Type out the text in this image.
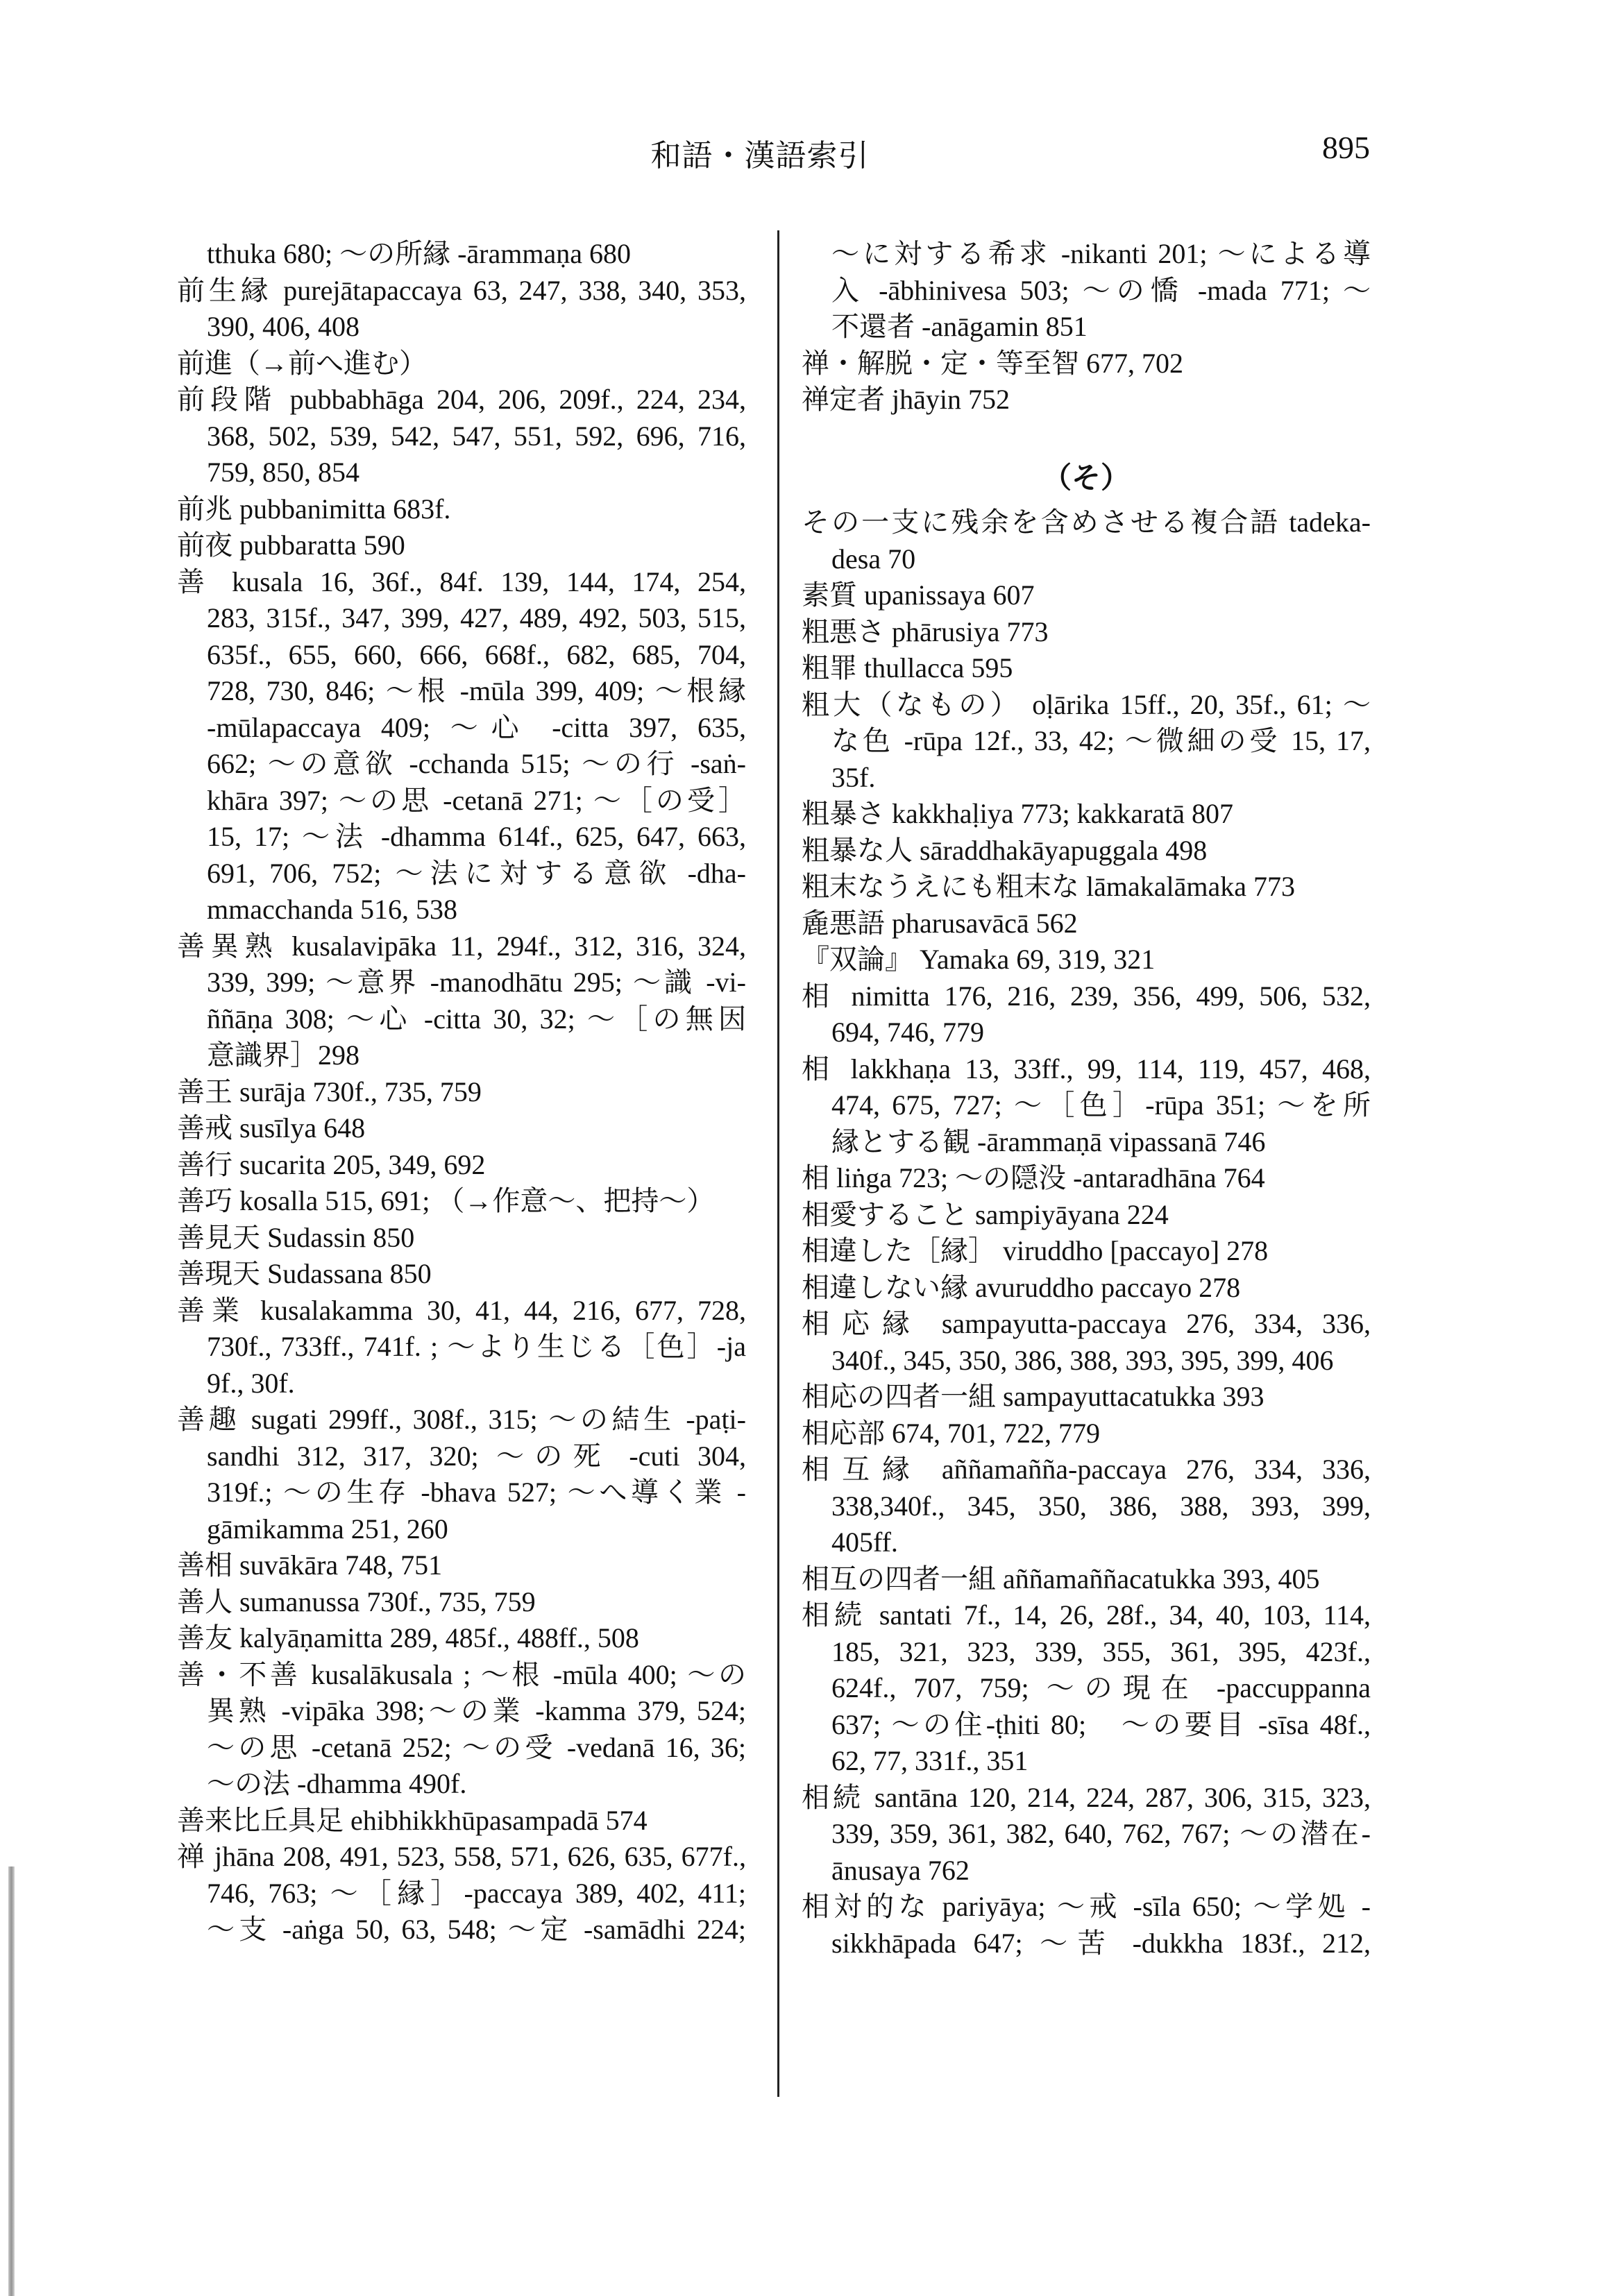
和語・漢語索引	895
tthuka 680; ～の所縁 -ārammaṇa 680
前生縁 purejātapaccaya 63, 247, 338, 340, 353,
390, 406, 408
前進（→前へ進む）
前段階 pubbabhāga 204, 206, 209f., 224, 234,
368, 502, 539, 542, 547, 551, 592, 696, 716,
759, 850, 854
前兆 pubbanimitta 683f.
前夜 pubbaratta 590
善 kusala 16, 36f., 84f. 139, 144, 174, 254,
283, 315f., 347, 399, 427, 489, 492, 503, 515,
635f., 655, 660, 666, 668f., 682, 685, 704,
728, 730, 846; ～根 -mūla 399, 409; ～根縁
-mūlapaccaya 409; ～心 -citta 397, 635,
662; ～の意欲 -cchanda 515; ～の行 -saṅ-
khāra 397; ～の思 -cetanā 271; ～［の受］
15, 17; ～法 -dhamma 614f., 625, 647, 663,
691, 706, 752; ～法に対する意欲 -dha-
mmacchanda 516, 538
善異熟 kusalavipāka 11, 294f., 312, 316, 324,
339, 399; ～意界 -manodhātu 295; ～識 -vi-
ññāṇa 308; ～心 -citta 30, 32; ～［の無因
意識界］298
善王 surāja 730f., 735, 759
善戒 susīlya 648
善行 sucarita 205, 349, 692
善巧 kosalla 515, 691; （→作意～、把持～）
善見天 Sudassin 850
善現天 Sudassana 850
善業 kusalakamma 30, 41, 44, 216, 677, 728,
730f., 733ff., 741f. ; ～より生じる［色］-ja
9f., 30f.
善趣 sugati 299ff., 308f., 315; ～の結生 -paṭi-
sandhi 312, 317, 320; ～の死 -cuti 304,
319f.; ～の生存 -bhava 527; ～へ導く業 -
gāmikamma 251, 260
善相 suvākāra 748, 751
善人 sumanussa 730f., 735, 759
善友 kalyāṇamitta 289, 485f., 488ff., 508
善・不善 kusalākusala ; ～根 -mūla 400; ～の
異熟 -vipāka 398;～の業 -kamma 379, 524;
～の思 -cetanā 252; ～の受 -vedanā 16, 36;
～の法 -dhamma 490f.
善来比丘具足 ehibhikkhūpasampadā 574
禅 jhāna 208, 491, 523, 558, 571, 626, 635, 677f.,
746, 763; ～［縁］-paccaya 389, 402, 411;
～支 -aṅga 50, 63, 548; ～定 -samādhi 224;
～に対する希求 -nikanti 201; ～による導
入 -ābhinivesa 503; ～の憍 -mada 771; ～
不還者 -anāgamin 851
禅・解脱・定・等至智 677, 702
禅定者 jhāyin 752
（そ）
その一支に残余を含めさせる複合語 tadeka-
desa 70
素質 upanissaya 607
粗悪さ phārusiya 773
粗罪 thullacca 595
粗大（なもの） oḷārika 15ff., 20, 35f., 61; ～
な色 -rūpa 12f., 33, 42; ～微細の受 15, 17,
35f.
粗暴さ kakkhaḷiya 773; kakkaratā 807
粗暴な人 sāraddhakāyapuggala 498
粗末なうえにも粗末な lāmakalāmaka 773
麁悪語 pharusavācā 562
『双論』 Yamaka 69, 319, 321
相 nimitta 176, 216, 239, 356, 499, 506, 532,
694, 746, 779
相 lakkhaṇa 13, 33ff., 99, 114, 119, 457, 468,
474, 675, 727; ～［色］-rūpa 351; ～を所
縁とする観 -ārammaṇā vipassanā 746
相 liṅga 723; ～の隠没 -antaradhāna 764
相愛すること sampiyāyana 224
相違した［縁］ viruddho [paccayo] 278
相違しない縁 avuruddho paccayo 278
相応縁 sampayutta-paccaya 276, 334, 336,
340f., 345, 350, 386, 388, 393, 395, 399, 406
相応の四者一組 sampayuttacatukka 393
相応部 674, 701, 722, 779
相互縁 aññamañña-paccaya 276, 334, 336,
338,340f., 345, 350, 386, 388, 393, 399,
405ff.
相互の四者一組 aññamaññacatukka 393, 405
相続 santati 7f., 14, 26, 28f., 34, 40, 103, 114,
185, 321, 323, 339, 355, 361, 395, 423f.,
624f., 707, 759; ～の現在 -paccuppanna
637; ～の住-ṭhiti 80;　～の要目 -sīsa 48f.,
62, 77, 331f., 351
相続 santāna 120, 214, 224, 287, 306, 315, 323,
339, 359, 361, 382, 640, 762, 767; ～の潜在-
ānusaya 762
相対的な pariyāya; ～戒 -sīla 650; ～学処 -
sikkhāpada 647; ～苦 -dukkha 183f., 212,
